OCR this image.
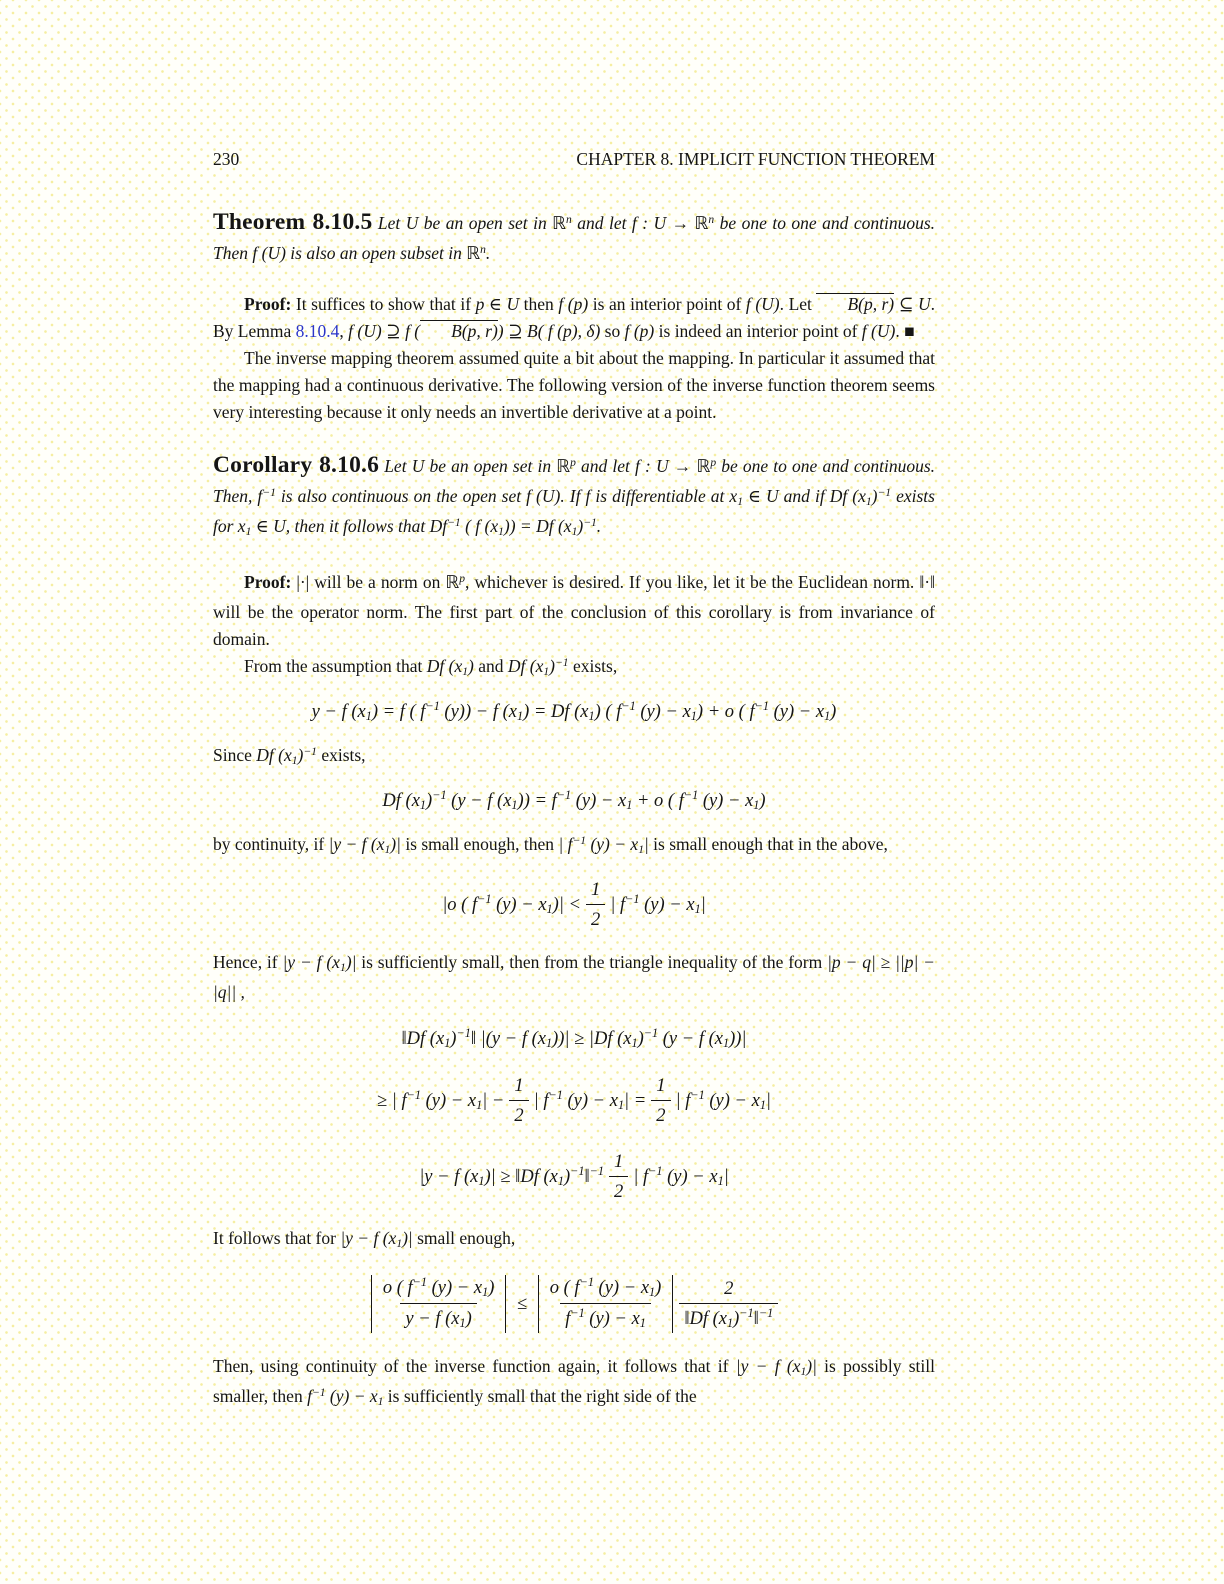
230	CHAPTER 8. IMPLICIT FUNCTION THEOREM

Theorem 8.10.5 Let U be an open set in ℝ$^n$ and let f : U → ℝ$^n$ be one to one and continuous. Then f (U) is also an open subset in ℝ$^n$.

Proof: It suffices to show that if p ∈ U then f (p) is an interior point of f (U). Let B(p, r) ⊆ U. By Lemma 8.10.4, f (U) ⊇ f ( B(p, r)) ⊇ B( f (p), δ) so f (p) is indeed an interior point of f (U). ■

The inverse mapping theorem assumed quite a bit about the mapping. In particular it assumed that the mapping had a continuous derivative. The following version of the inverse function theorem seems very interesting because it only needs an invertible derivative at a point.

Corollary 8.10.6 Let U be an open set in ℝ$^p$ and let f : U → ℝ$^p$ be one to one and continuous. Then, $f^{-1}$ is also continuous on the open set f (U). If f is differentiable at x1 ∈ U and if Df $(x1)^{-1}$ exists for x1 ∈ U, then it follows that $Df^{-1}$ ( f (x1)) = Df $(x1)^{-1}$.

Proof: |·| will be a norm on ℝ$^p$, whichever is desired. If you like, let it be the Euclidean norm. ‖·‖ will be the operator norm. The first part of the conclusion of this corollary is from invariance of domain.

From the assumption that Df (x1) and Df $(x1)^{-1}$ exists,

y − f (x1) = f ( $f^{-1}$ (y)) − f (x1) = Df (x1) ( $f^{-1}$ (y) − x1) + o ( $f^{-1}$ (y) − x1)

Since Df $(x1)^{-1}$ exists,

Df $(x1)^{-1}$ (y − f $(x1)) = f^{-1}$ (y) − x1 + o ( $f^{-1}$ (y) − x1)

by continuity, if |y − f (x1)| is small enough, then | $f^{-1}$ (y) − x1| is small enough that in the above,

|o ( $f^{-1}$ $(y) - x1)| < \frac{1}{2}$ | $f^{-1}$ (y) − x1|

Hence, if |y − f (x1)| is sufficiently small, then from the triangle inequality of the form |p − q| ≥ ||p| − |q|| ,

‖Df $(x1)^{-1}‖$ |(y − f (x1))| ≥ |Df $(x1)^{-1}$ (y − f (x1))|
≥ | $f^{-1}$ $(y) - x1| - \frac{1}{2}$ | $f^{-1}$ $(y) - x1| = \frac{1}{2}$ | $f^{-1}$ (y) − x1|
|y − f (x1)| ≥ ‖Df $(x1)^{-1}‖^{-1} \frac{1}{2}$ | $f^{-1}$ (y) − x1|

It follows that for |y − f (x1)| small enough,

$\frac{o ( f^{-1} (y) - x1)}{y - f (x1)} \le \frac{o ( f^{-1} (y) - x1)}{f^{-1} (y) - x1} \frac{2}{‖Df (x1)^{-1}‖^{-1}}$

Then, using continuity of the inverse function again, it follows that if |y − f (x1)| is possibly still smaller, then $f^{-1}$ (y) − x1 is sufficiently small that the right side of the
